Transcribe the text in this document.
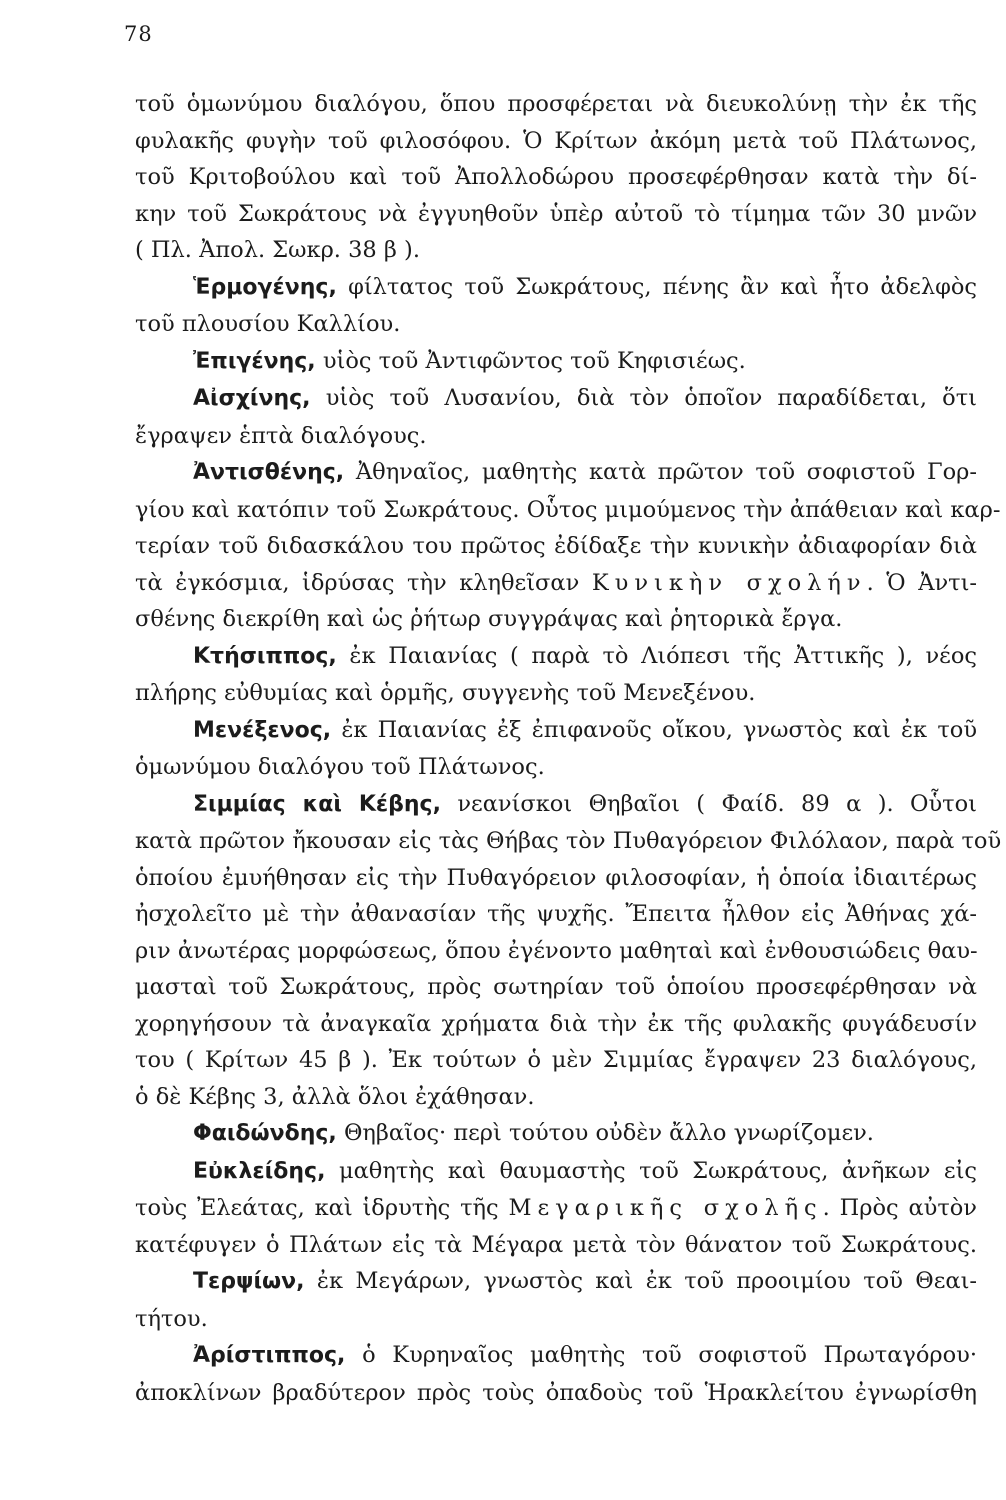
78
τοῦ ὁμωνύμου διαλόγου, ὅπου προσφέρεται νὰ διευκολύνῃ τὴν ἐκ τῆς
φυλακῆς φυγὴν τοῦ φιλοσόφου. Ὁ Κρίτων ἀκόμη μετὰ τοῦ Πλάτωνος,
τοῦ Κριτοβούλου καὶ τοῦ Ἀπολλοδώρου προσεφέρθησαν κατὰ τὴν δί-
κην τοῦ Σωκράτους νὰ ἐγγυηθοῦν ὑπὲρ αὐτοῦ τὸ τίμημα τῶν 30 μνῶν
( Πλ. Ἀπολ. Σωκρ. 38 β ).
Ἑρμογένης, φίλτατος τοῦ Σωκράτους, πένης ἂν καὶ ἦτο ἀδελφὸς
τοῦ πλουσίου Καλλίου.
Ἐπιγένης, υἱὸς τοῦ Ἀντιφῶντος τοῦ Κηφισιέως.
Αἰσχίνης, υἱὸς τοῦ Λυσανίου, διὰ τὸν ὁποῖον παραδίδεται, ὅτι
ἔγραψεν ἑπτὰ διαλόγους.
Ἀντισθένης, Ἀθηναῖος, μαθητὴς κατὰ πρῶτον τοῦ σοφιστοῦ Γορ-
γίου καὶ κατόπιν τοῦ Σωκράτους. Οὗτος μιμούμενος τὴν ἀπάθειαν καὶ καρ-
τερίαν τοῦ διδασκάλου του πρῶτος ἐδίδαξε τὴν κυνικὴν ἀδιαφορίαν διὰ
τὰ ἐγκόσμια, ἱδρύσας τὴν κληθεῖσαν Κυνικὴν σχολήν. Ὁ Ἀντι-
σθένης διεκρίθη καὶ ὡς ῥήτωρ συγγράψας καὶ ῥητορικὰ ἔργα.
Κτήσιππος, ἐκ Παιανίας ( παρὰ τὸ Λιόπεσι τῆς Ἀττικῆς ), νέος
πλήρης εὐθυμίας καὶ ὁρμῆς, συγγενὴς τοῦ Μενεξένου.
Μενέξενος, ἐκ Παιανίας ἐξ ἐπιφανοῦς οἴκου, γνωστὸς καὶ ἐκ τοῦ
ὁμωνύμου διαλόγου τοῦ Πλάτωνος.
Σιμμίας καὶ Κέβης, νεανίσκοι Θηβαῖοι ( Φαίδ. 89 α ). Οὗτοι
κατὰ πρῶτον ἤκουσαν εἰς τὰς Θήβας τὸν Πυθαγόρειον Φιλόλαον, παρὰ τοῦ
ὁποίου ἐμυήθησαν εἰς τὴν Πυθαγόρειον φιλοσοφίαν, ἡ ὁποία ἰδιαιτέρως
ἠσχολεῖτο μὲ τὴν ἀθανασίαν τῆς ψυχῆς. Ἔπειτα ἦλθον εἰς Ἀθήνας χά-
ριν ἀνωτέρας μορφώσεως, ὅπου ἐγένοντο μαθηταὶ καὶ ἐνθουσιώδεις θαυ-
μασταὶ τοῦ Σωκράτους, πρὸς σωτηρίαν τοῦ ὁποίου προσεφέρθησαν νὰ
χορηγήσουν τὰ ἀναγκαῖα χρήματα διὰ τὴν ἐκ τῆς φυλακῆς φυγάδευσίν
του ( Κρίτων 45 β ). Ἐκ τούτων ὁ μὲν Σιμμίας ἔγραψεν 23 διαλόγους,
ὁ δὲ Κέβης 3, ἀλλὰ ὅλοι ἐχάθησαν.
Φαιδώνδης, Θηβαῖος· περὶ τούτου οὐδὲν ἄλλο γνωρίζομεν.
Εὐκλείδης, μαθητὴς καὶ θαυμαστὴς τοῦ Σωκράτους, ἀνῆκων εἰς
τοὺς Ἐλεάτας, καὶ ἱδρυτὴς τῆς Μεγαρικῆς σχολῆς. Πρὸς αὐτὸν
κατέφυγεν ὁ Πλάτων εἰς τὰ Μέγαρα μετὰ τὸν θάνατον τοῦ Σωκράτους.
Τερψίων, ἐκ Μεγάρων, γνωστὸς καὶ ἐκ τοῦ προοιμίου τοῦ Θεαι-
τήτου.
Ἀρίστιππος, ὁ Κυρηναῖος μαθητὴς τοῦ σοφιστοῦ Πρωταγόρου·
ἀποκλίνων βραδύτερον πρὸς τοὺς ὀπαδοὺς τοῦ Ἡρακλείτου ἐγνωρίσθη
